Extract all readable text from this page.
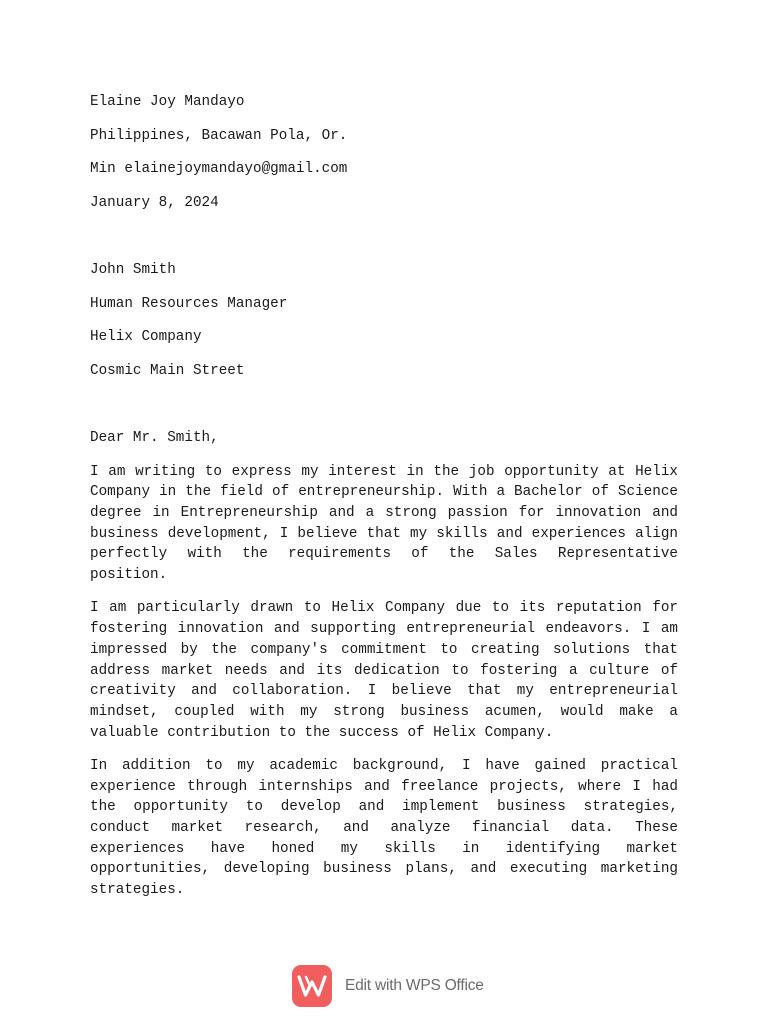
Elaine Joy Mandayo

Philippines, Bacawan Pola, Or.

Min elainejoymandayo@gmail.com

January 8, 2024

John Smith

Human Resources Manager

Helix Company

Cosmic Main Street

Dear Mr. Smith,

I am writing to express my interest in the job opportunity at Helix Company in the field of entrepreneurship. With a Bachelor of Science degree in Entrepreneurship and a strong passion for innovation and business development, I believe that my skills and experiences align perfectly with the requirements of the Sales Representative position.

I am particularly drawn to Helix Company due to its reputation for fostering innovation and supporting entrepreneurial endeavors. I am impressed by the company's commitment to creating solutions that address market needs and its dedication to fostering a culture of creativity and collaboration. I believe that my entrepreneurial mindset, coupled with my strong business acumen, would make a valuable contribution to the success of Helix Company.

In addition to my academic background, I have gained practical experience through internships and freelance projects, where I had the opportunity to develop and implement business strategies, conduct market research, and analyze financial data. These experiences have honed my skills in identifying market opportunities, developing business plans, and executing marketing strategies.

Edit with WPS Office
